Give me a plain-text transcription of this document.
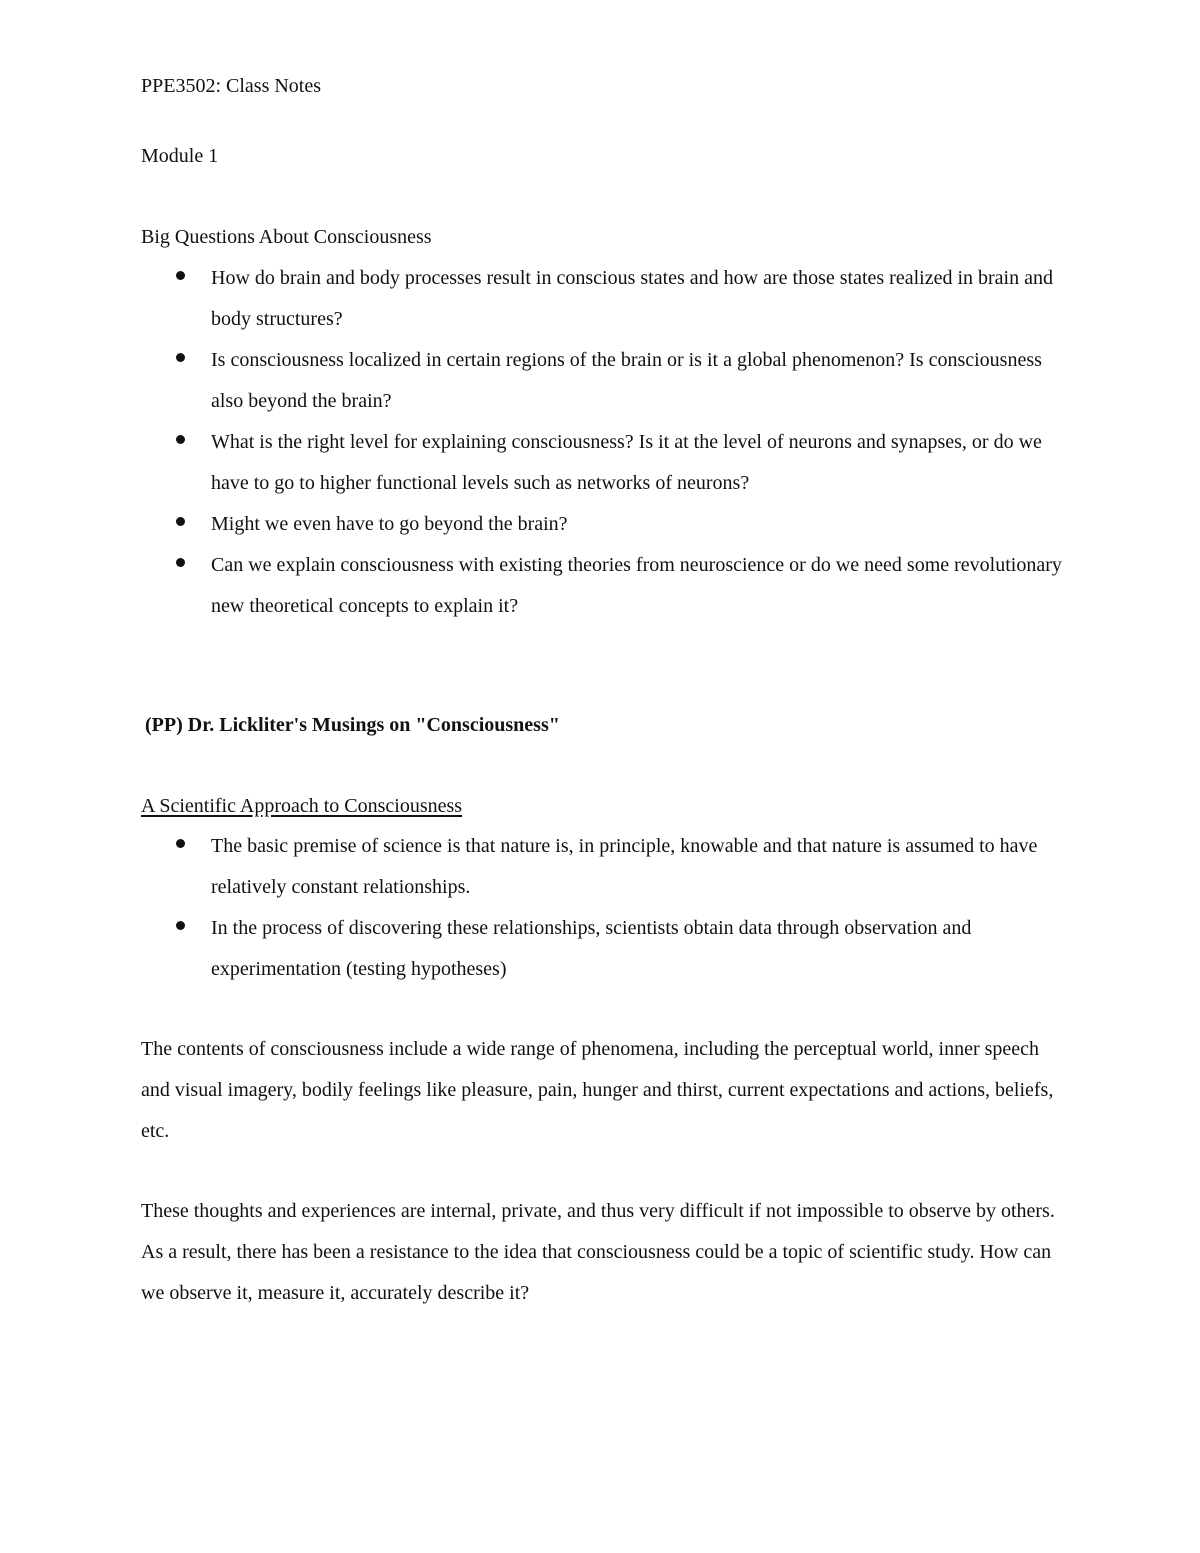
PPE3502: Class Notes
Module 1
Big Questions About Consciousness
How do brain and body processes result in conscious states and how are those states realized in brain and body structures?
Is consciousness localized in certain regions of the brain or is it a global phenomenon? Is consciousness also beyond the brain?
What is the right level for explaining consciousness? Is it at the level of neurons and synapses, or do we have to go to higher functional levels such as networks of neurons?
Might we even have to go beyond the brain?
Can we explain consciousness with existing theories from neuroscience or do we need some revolutionary new theoretical concepts to explain it?
(PP) Dr. Lickliter's Musings on "Consciousness"
A Scientific Approach to Consciousness
The basic premise of science is that nature is, in principle, knowable and that nature is assumed to have relatively constant relationships.
In the process of discovering these relationships, scientists obtain data through observation and experimentation (testing hypotheses)
The contents of consciousness include a wide range of phenomena, including the perceptual world, inner speech and visual imagery, bodily feelings like pleasure, pain, hunger and thirst, current expectations and actions, beliefs, etc.
These thoughts and experiences are internal, private, and thus very difficult if not impossible to observe by others. As a result, there has been a resistance to the idea that consciousness could be a topic of scientific study. How can we observe it, measure it, accurately describe it?
